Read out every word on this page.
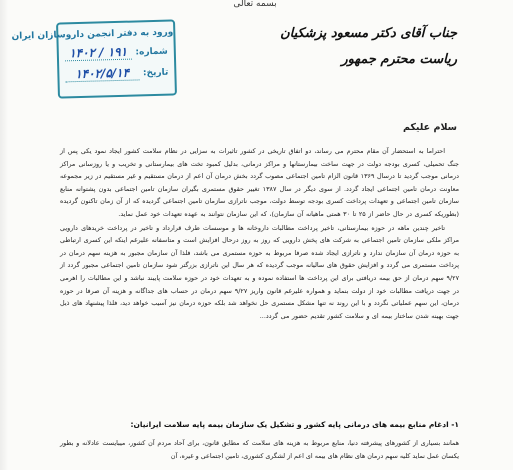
بسمه تعالی
ورود به دفتر انجمن داروسازان ایران
شماره:
۱۹۱ / ۱۴۰۲
تاریخ:
۱۴۰۲/۵/۱۴
جناب آقای دکتر مسعود پزشکیان
ریاست محترم جمهور
سلام علیکم

احتراما به استحضار آن مقام محترم می رساند، دو اتفاق تاریخی در کشور تاثیرات به سزایی در نظام سلامت کشور ایجاد نمود یکی پس از جنگ تحمیلی، کسری بودجه دولت در جهت ساخت بیمارستانها و مراکز درمانی، بدلیل کمبود تخت های بیمارستانی و تخریب و یا روزسانی مراکز درمانی موجب گردید تا درسال ۱۳۶۹ قانون الزام تامین اجتماعی مصوب گردد بخش درمان آن اعم از درمان مستقیم و غیر مستقیم در زیر مجموعه معاونت درمان تامین اجتماعی ایجاد گردد. از سوی دیگر در سال ۱۳۸۷ تغییر حقوق مستمری بگیران سازمان تامین اجتماعی بدون پشتوانه منابع سازمان تامین اجتماعی و تعهدات پرداخت کسری بودجه توسط دولت، موجب ناترازی سازمان تامین اجتماعی گردیده که از آن زمان تاکنون گردیده (بطوریکه کسری در حال حاضر از ۲۵ تا ۳۰ همتی ماهیانه آن سازمان)، که این سازمان نتوانند به عهده تعهدات خود عمل نماید.

تاخیر چندین ماهه در حوزه بیمارستانی، تاخیر پرداخت مطالبات داروخانه ها و موسسات طرف قرارداد و تاخیر در پرداخت خریدهای دارویی مراکز ملکی سازمان تامین اجتماعی به شرکت های پخش دارویی که روز به روز درحال افزایش است و متاسفانه علیرغم اینکه این کسری ارتباطی به حوزه درمان آن سازمان ندارد و ناترازی ایجاد شده صرفا مربوط به حوزه مستمری می باشد، فلذا آن سازمان مجبور به هزینه سهم درمان در پرداخت مستمری می گردد و افزایش حقوق های سالیانه موجب گردیده که هر سال این ناترازی بزرگتر شود سازمان تامین اجتماعی مجبور گردد از ۹/۲۷ سهم درمان از حق بیمه دریافتی برای این پرداخت ها استفاده نموده و به تعهدات خود در حوزه سلامت پایبند نباشد و این مطالبات را اهرمی در جهت دریافت مطالبات خود از دولت بنماید و همواره علیرغم قانون واریز ۹/۲۷ سهم درمان در حساب های جداگانه و هزینه آن صرفا در حوزه درمان، این سهم عملیاتی نگردد و با این روند نه تنها مشکل مستمری حل نخواهد شد بلکه حوزه درمان نیز آسیب خواهد دید، فلذا پیشنهاد های ذیل جهت بهینه شدن ساختار بیمه ای و سلامت کشور تقدیم حضور می گردد...

۱- ادغام منابع بیمه های درمانی پایه کشور و تشکیل یک سازمان بیمه پایه سلامت ایرانیان:
همانند بسیاری از کشورهای پیشرفته دنیا، منابع مربوط به هزینه های سلامت که مطابق قانون، برای آحاد مردم آن کشور، میبایست عادلانه و بطور یکسان عمل نماید کلیه سهم درمان های نظام های بیمه ای اعم از لشگری کشوری، تامین اجتماعی و غیره، آن
